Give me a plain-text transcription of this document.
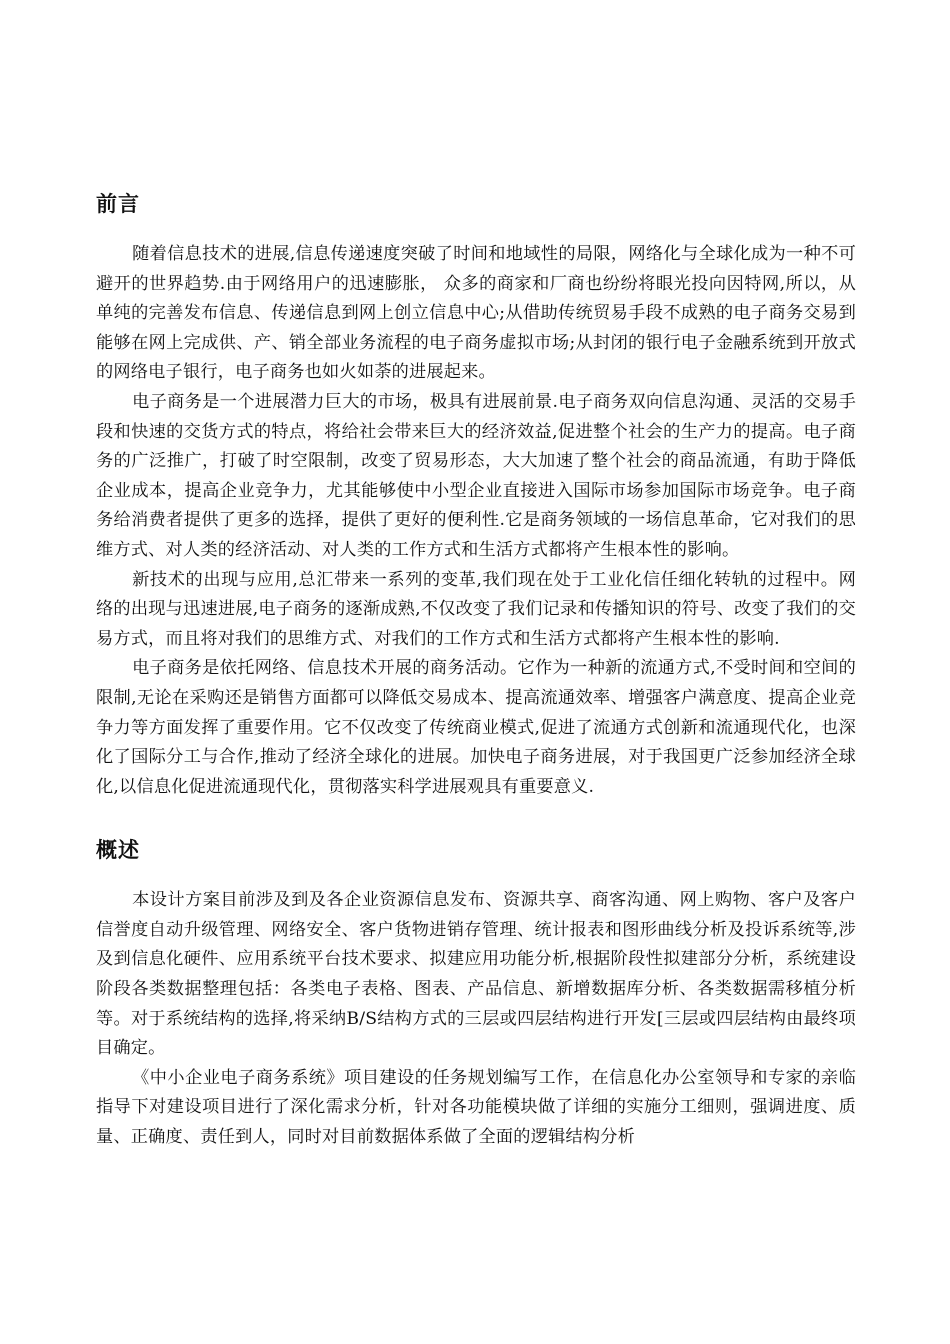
前言

随着信息技术的进展,信息传递速度突破了时间和地域性的局限，网络化与全球化成为一种不可避开的世界趋势.由于网络用户的迅速膨胀， 众多的商家和厂商也纷纷将眼光投向因特网,所以，从单纯的完善发布信息、传递信息到网上创立信息中心;从借助传统贸易手段不成熟的电子商务交易到能够在网上完成供、产、销全部业务流程的电子商务虚拟市场;从封闭的银行电子金融系统到开放式的网络电子银行，电子商务也如火如荼的进展起来。

电子商务是一个进展潜力巨大的市场，极具有进展前景.电子商务双向信息沟通、灵活的交易手段和快速的交货方式的特点，将给社会带来巨大的经济效益,促进整个社会的生产力的提高。电子商务的广泛推广，打破了时空限制，改变了贸易形态，大大加速了整个社会的商品流通，有助于降低企业成本，提高企业竞争力，尤其能够使中小型企业直接进入国际市场参加国际市场竞争。电子商务给消费者提供了更多的选择，提供了更好的便利性.它是商务领域的一场信息革命，它对我们的思维方式、对人类的经济活动、对人类的工作方式和生活方式都将产生根本性的影响。

新技术的出现与应用,总汇带来一系列的变革,我们现在处于工业化信任细化转轨的过程中。网络的出现与迅速进展,电子商务的逐渐成熟,不仅改变了我们记录和传播知识的符号、改变了我们的交易方式，而且将对我们的思维方式、对我们的工作方式和生活方式都将产生根本性的影响.

电子商务是依托网络、信息技术开展的商务活动。它作为一种新的流通方式,不受时间和空间的限制,无论在采购还是销售方面都可以降低交易成本、提高流通效率、增强客户满意度、提高企业竞争力等方面发挥了重要作用。它不仅改变了传统商业模式,促进了流通方式创新和流通现代化，也深化了国际分工与合作,推动了经济全球化的进展。加快电子商务进展，对于我国更广泛参加经济全球化,以信息化促进流通现代化，贯彻落实科学进展观具有重要意义.

概述

本设计方案目前涉及到及各企业资源信息发布、资源共享、商客沟通、网上购物、客户及客户信誉度自动升级管理、网络安全、客户货物进销存管理、统计报表和图形曲线分析及投诉系统等,涉及到信息化硬件、应用系统平台技术要求、拟建应用功能分析,根据阶段性拟建部分分析，系统建设阶段各类数据整理包括：各类电子表格、图表、产品信息、新增数据库分析、各类数据需移植分析等。对于系统结构的选择,将采纳B/S结构方式的三层或四层结构进行开发[三层或四层结构由最终项目确定。

《中小企业电子商务系统》项目建设的任务规划编写工作，在信息化办公室领导和专家的亲临指导下对建设项目进行了深化需求分析，针对各功能模块做了详细的实施分工细则，强调进度、质量、正确度、责任到人，同时对目前数据体系做了全面的逻辑结构分析
